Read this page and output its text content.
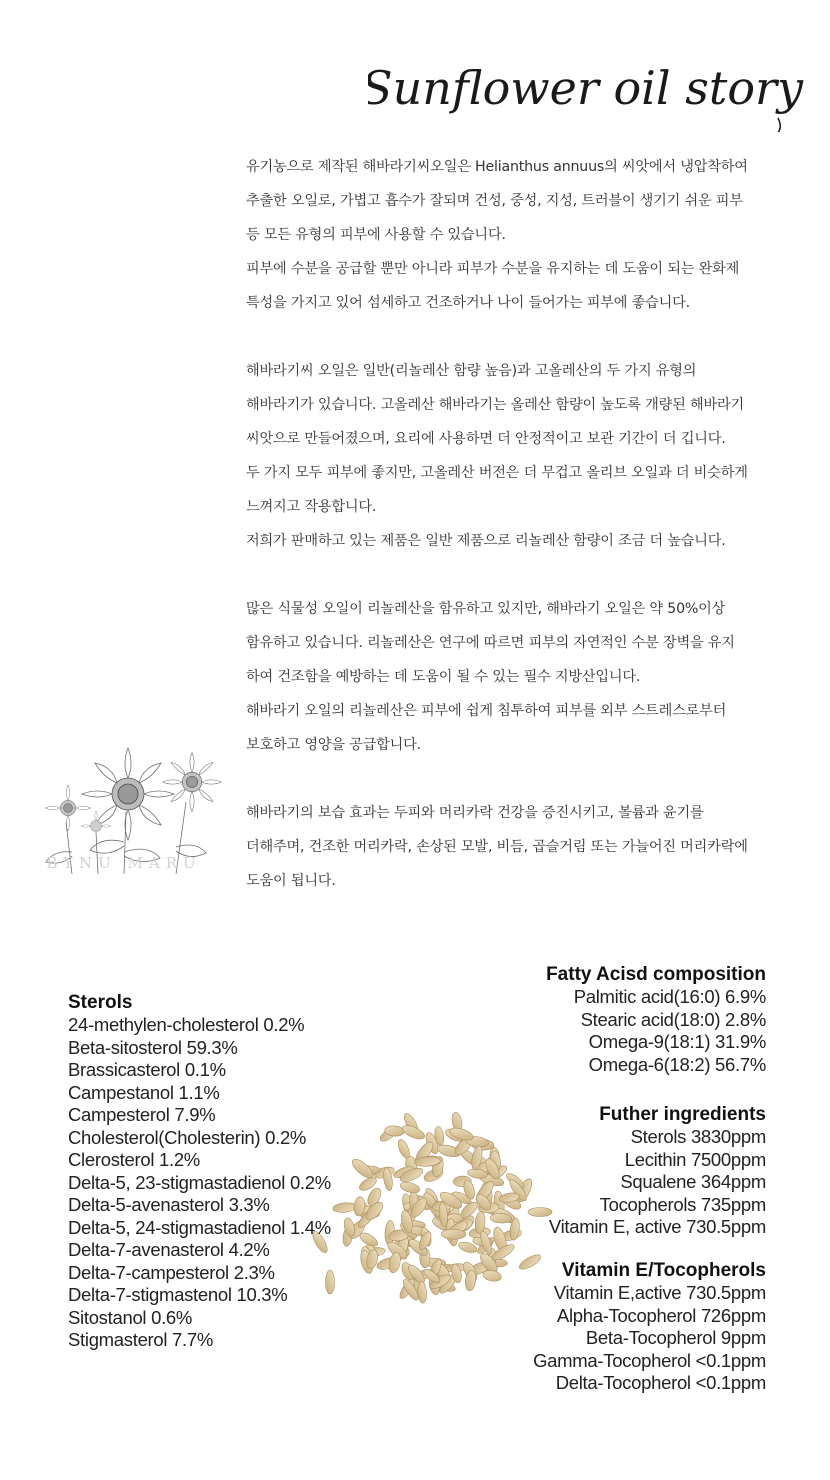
Sunflower oil story

유기농으로 제작된 해바라기씨오일은 Helianthus annuus의 씨앗에서 냉압착하여
추출한 오일로, 가볍고 흡수가 잘되며 건성, 중성, 지성, 트러블이 생기기 쉬운 피부
등 모든 유형의 피부에 사용할 수 있습니다.
피부에 수분을 공급할 뿐만 아니라 피부가 수분을 유지하는 데 도움이 되는 완화제
특성을 가지고 있어 섬세하고 건조하거나 나이 들어가는 피부에 좋습니다.

해바라기씨 오일은 일반(리놀레산 함량 높음)과 고올레산의 두 가지 유형의
해바라기가 있습니다. 고올레산 해바라기는 올레산 함량이 높도록 개량된 해바라기
씨앗으로 만들어졌으며, 요리에 사용하면 더 안정적이고 보관 기간이 더 깁니다.
두 가지 모두 피부에 좋지만, 고올레산 버전은 더 무겁고 올리브 오일과 더 비슷하게
느껴지고 작용합니다.
저희가 판매하고 있는 제품은 일반 제품으로 리놀레산 함량이 조금 더 높습니다.

많은 식물성 오일이 리놀레산을 함유하고 있지만, 해바라기 오일은 약 50%이상
함유하고 있습니다. 리놀레산은 연구에 따르면 피부의 자연적인 수분 장벽을 유지
하여 건조함을 예방하는 데 도움이 될 수 있는 필수 지방산입니다.
해바라기 오일의 리놀레산은 피부에 쉽게 침투하여 피부를 외부 스트레스로부터
보호하고 영양을 공급합니다.

해바라기의 보습 효과는 두피와 머리카락 건강을 증진시키고, 볼륨과 윤기를
더해주며, 건조한 머리카락, 손상된 모발, 비듬, 곱슬거림 또는 가늘어진 머리카락에
도움이 됩니다.

BYNU MARU
Sterols
24-methylen-cholesterol 0.2%
Beta-sitosterol 59.3%
Brassicasterol 0.1%
Campestanol 1.1%
Campesterol 7.9%
Cholesterol(Cholesterin) 0.2%
Clerosterol 1.2%
Delta-5, 23-stigmastadienol 0.2%
Delta-5-avenasterol 3.3%
Delta-5, 24-stigmastadienol 1.4%
Delta-7-avenasterol 4.2%
Delta-7-campesterol 2.3%
Delta-7-stigmastenol 10.3%
Sitostanol 0.6%
Stigmasterol 7.7%
Fatty Acisd composition
Palmitic acid(16:0) 6.9%
Stearic acid(18:0) 2.8%
Omega-9(18:1) 31.9%
Omega-6(18:2) 56.7%
Futher ingredients
Sterols 3830ppm
Lecithin 7500ppm
Squalene 364ppm
Tocopherols 735ppm
Vitamin E, active 730.5ppm
Vitamin E/Tocopherols
Vitamin E,active 730.5ppm
Alpha-Tocopherol 726ppm
Beta-Tocopherol 9ppm
Gamma-Tocopherol <0.1ppm
Delta-Tocopherol <0.1ppm
